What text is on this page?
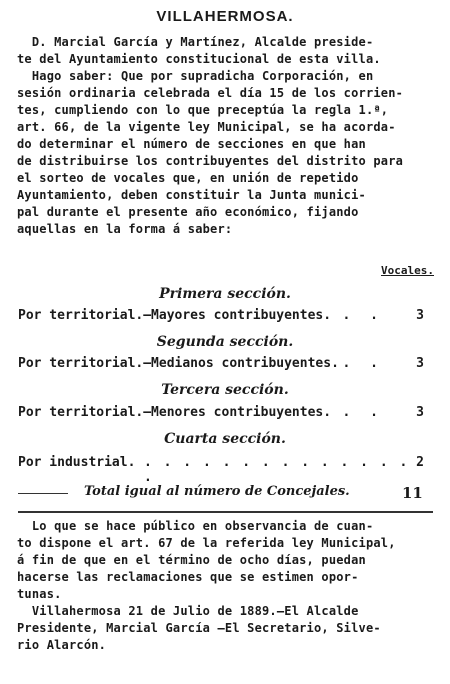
VILLAHERMOSA.
D. Marcial García y Martínez, Alcalde preside-
te del Ayuntamiento constitucional de esta villa.
Hago saber: Que por supradicha Corporación, en
sesión ordinaria celebrada el día 15 de los corrien-
tes, cumpliendo con lo que preceptúa la regla 1.ª,
art. 66, de la vigente ley Municipal, se ha acorda-
do determinar el número de secciones en que han
de distribuirse los contribuyentes del distrito para
el sorteo de vocales que, en unión de repetido
Ayuntamiento, deben constituir la Junta munici-
pal durante el presente año económico, fijando
aquellas en la forma á saber:
Vocales.
Primera sección.
Por territorial.—Mayores contribuyentes. . . 3
Segunda sección.
Por territorial.—Medianos contribuyentes. . . 3
Tercera sección.
Por territorial.—Menores contribuyentes. . . 3
Cuarta sección.
Por industrial. . . . . . . . . . . . . . . .
2
Total igual al número de Concejales.	11
Lo que se hace público en observancia de cuan-
to dispone el art. 67 de la referida ley Municipal,
á fin de que en el término de ocho días, puedan
hacerse las reclamaciones que se estimen opor-
tunas.
Villahermosa 21 de Julio de 1889.—El Alcalde
Presidente, Marcial García —El Secretario, Silve-
rio Alarcón.
